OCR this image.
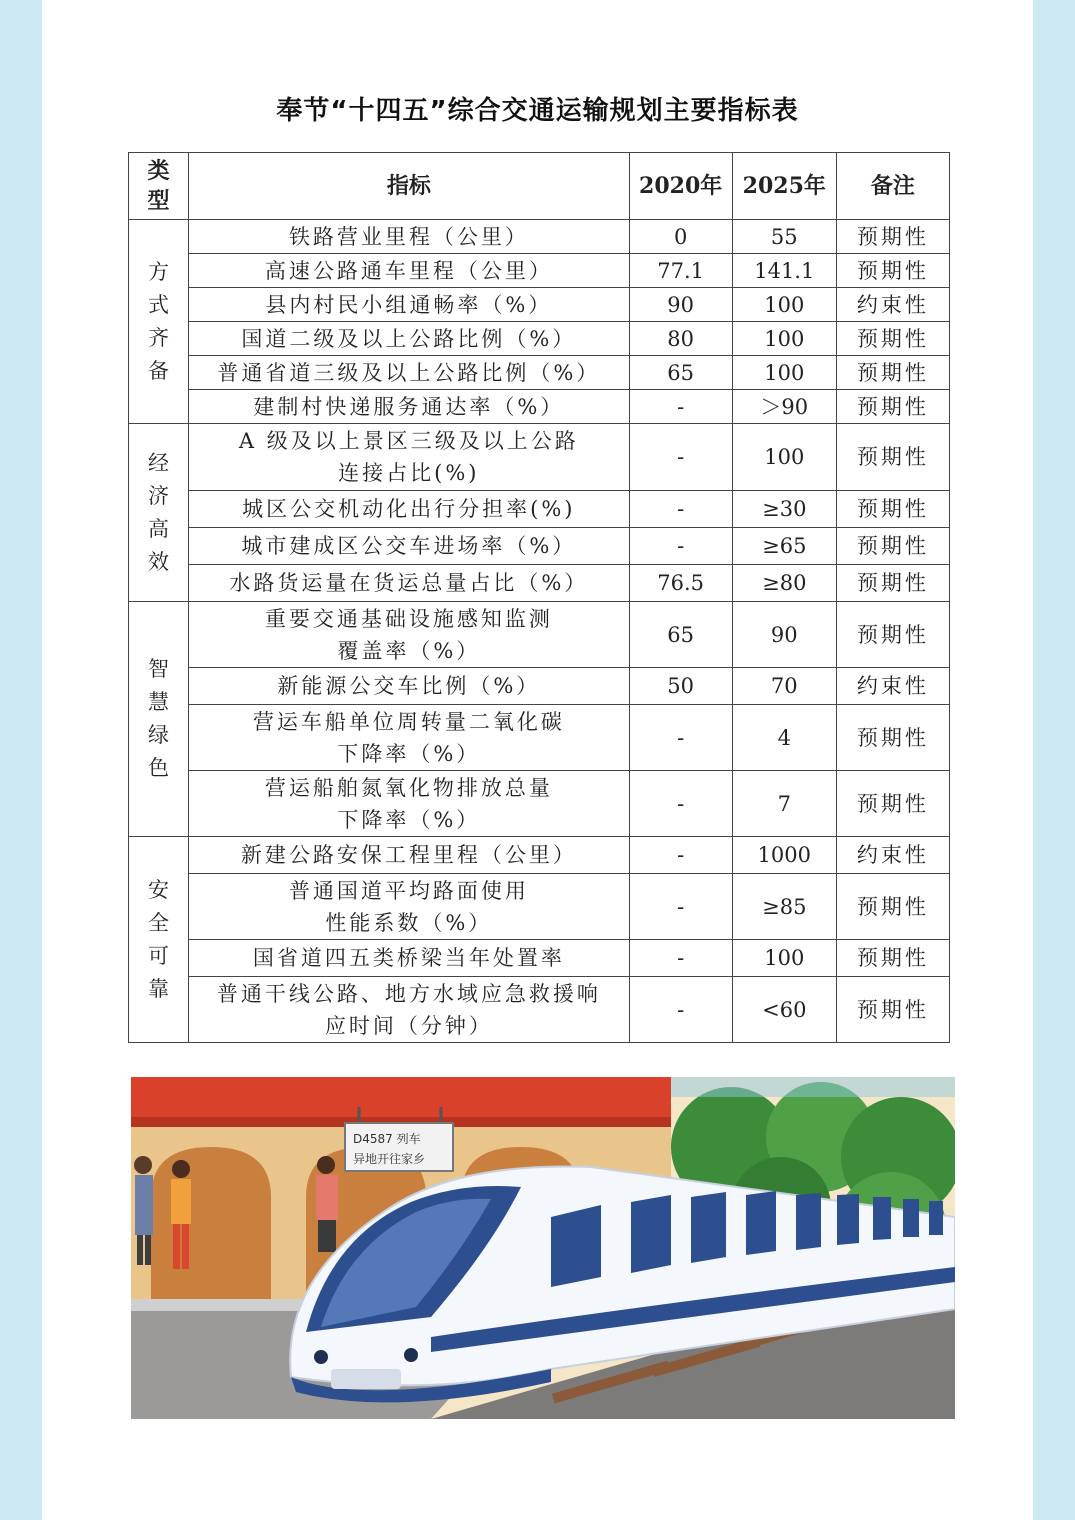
奉节“十四五”综合交通运输规划主要指标表
类型	指标	2020年	2025年	备注

方式齐备	铁路营业里程（公里）	0	55	预期性
	高速公路通车里程（公里）	77.1	141.1	预期性
	县内村民小组通畅率（%）	90	100	约束性
	国道二级及以上公路比例（%）	80	100	预期性
	普通省道三级及以上公路比例（%）	65	100	预期性
	建制村快递服务通达率（%）	-	＞90	预期性

经济高效	A 级及以上景区三级及以上公路
连接占比(%)	-	100	预期性
	城区公交机动化出行分担率(%)	-	≥30	预期性
	城市建成区公交车进场率（%）	-	≥65	预期性
	水路货运量在货运总量占比（%）	76.5	≥80	预期性

智慧绿色	重要交通基础设施感知监测
覆盖率（%）	65	90	预期性
	新能源公交车比例（%）	50	70	约束性

	营运车船单位周转量二氧化碳
下降率（%）	-	4	预期性

	营运船舶氮氧化物排放总量
下降率（%）	-	7	预期性

安全可靠	新建公路安保工程里程（公里）	-	1000	约束性

	普通国道平均路面使用
性能系数（%）	-	≥85	预期性
	国省道四五类桥梁当年处置率	-	100	预期性

	普通干线公路、地方水域应急救援响
应时间（分钟）	-	<60	预期性
D4587 列车
异地开往家乡
